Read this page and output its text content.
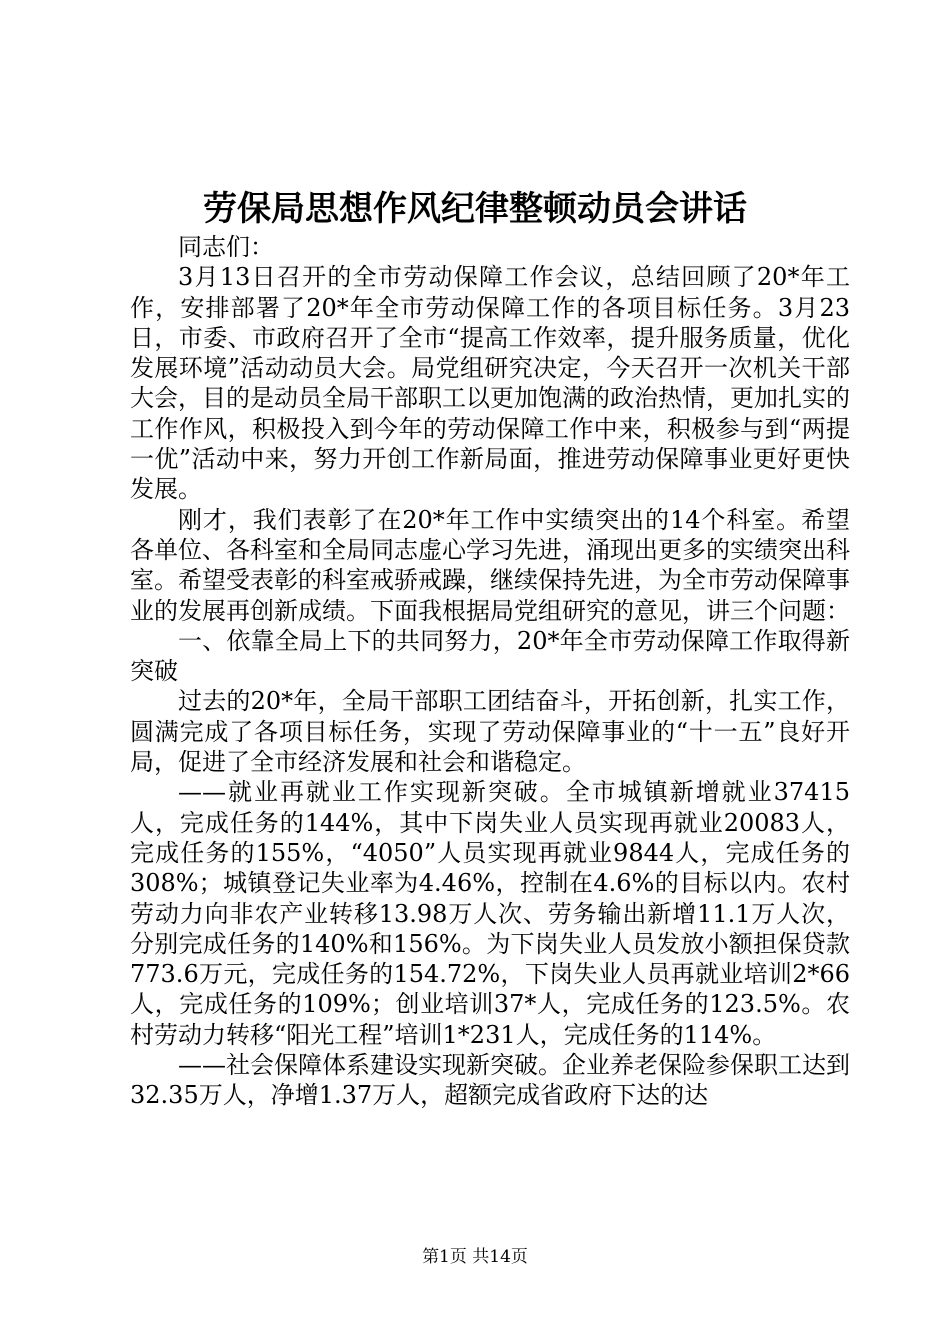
劳保局思想作风纪律整顿动员会讲话

同志们：

3月13日召开的全市劳动保障工作会议，总结回顾了20*年工作，安排部署了20*年全市劳动保障工作的各项目标任务。3月23日，市委、市政府召开了全市“提高工作效率，提升服务质量，优化发展环境”活动动员大会。局党组研究决定，今天召开一次机关干部大会，目的是动员全局干部职工以更加饱满的政治热情，更加扎实的工作作风，积极投入到今年的劳动保障工作中来，积极参与到“两提一优”活动中来，努力开创工作新局面，推进劳动保障事业更好更快发展。

刚才，我们表彰了在20*年工作中实绩突出的14个科室。希望各单位、各科室和全局同志虚心学习先进，涌现出更多的实绩突出科室。希望受表彰的科室戒骄戒躁，继续保持先进，为全市劳动保障事业的发展再创新成绩。下面我根据局党组研究的意见，讲三个问题：

一、依靠全局上下的共同努力，20*年全市劳动保障工作取得新突破

过去的20*年，全局干部职工团结奋斗，开拓创新，扎实工作，圆满完成了各项目标任务，实现了劳动保障事业的“十一五”良好开局，促进了全市经济发展和社会和谐稳定。

——就业再就业工作实现新突破。全市城镇新增就业37415人，完成任务的144%，其中下岗失业人员实现再就业20083人，完成任务的155%，“4050”人员实现再就业9844人，完成任务的308%；城镇登记失业率为4.46%，控制在4.6%的目标以内。农村劳动力向非农产业转移13.98万人次、劳务输出新增11.1万人次，分别完成任务的140%和156%。为下岗失业人员发放小额担保贷款773.6万元，完成任务的154.72%，下岗失业人员再就业培训2*66人，完成任务的109%；创业培训37*人，完成任务的123.5%。农村劳动力转移“阳光工程”培训1*231人，完成任务的114%。

——社会保障体系建设实现新突破。企业养老保险参保职工达到32.35万人，净增1.37万人，超额完成省政府下达的达

第1页 共14页
